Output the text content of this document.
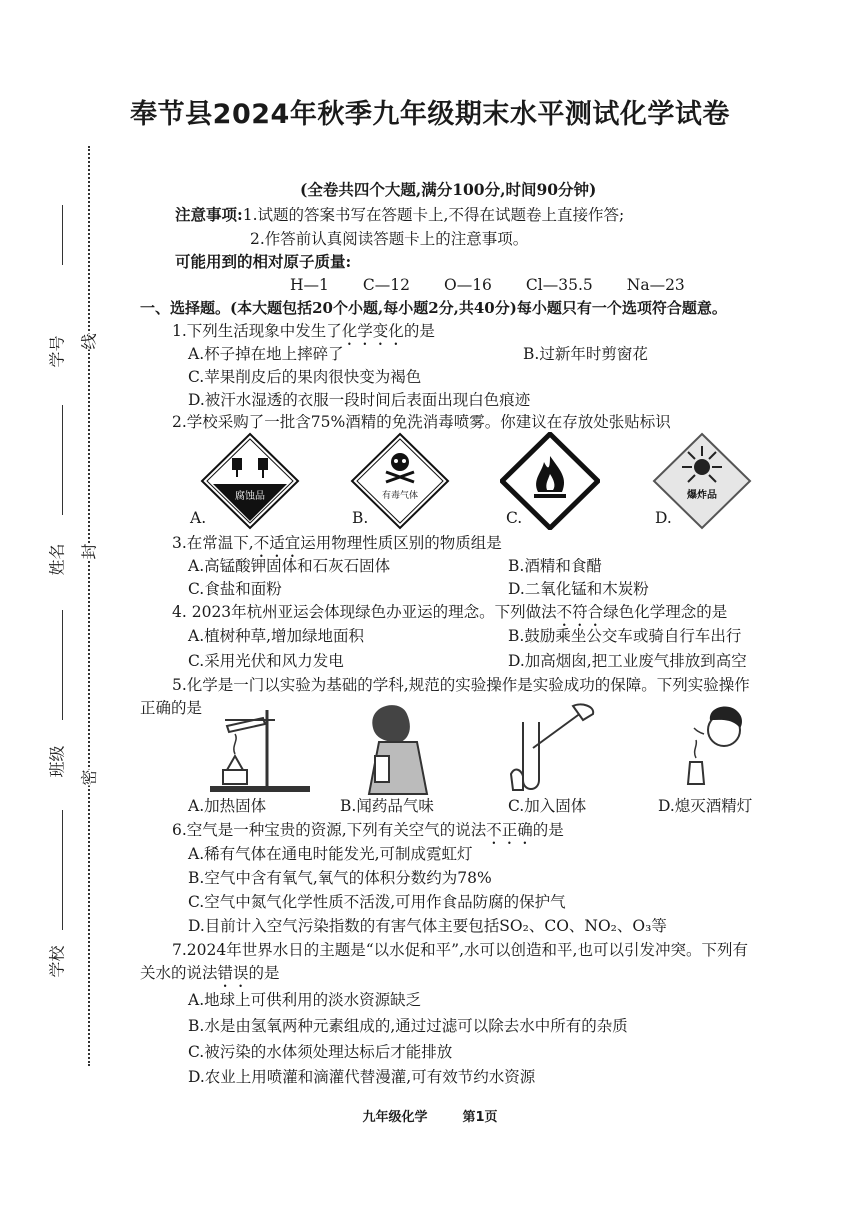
奉节县2024年秋季九年级期末水平测试化学试卷
学号
姓名
班级
学校
线
封
密
(全卷共四个大题,满分100分,时间90分钟)
注意事项:1.试题的答案书写在答题卡上,不得在试题卷上直接作答;
2.作答前认真阅读答题卡上的注意事项。
可能用到的相对原子质量:
H—1 C—12 O—16 Cl—35.5 Na—23
一、选择题。(本大题包括20个小题,每小题2分,共40分)每小题只有一个选项符合题意。
1.下列生活现象中发生了化学变化的是
A.杯子掉在地上摔碎了	B.过新年时剪窗花
C.苹果削皮后的果肉很快变为褐色
D.被汗水湿透的衣服一段时间后表面出现白色痕迹
2.学校采购了一批含75%酒精的免洗消毒喷雾。你建议在存放处张贴标识
腐蚀品
A.
有毒气体
B.	C.
爆炸品
D.
3.在常温下,不适宜运用物理性质区别的物质组是
A.高锰酸钾固体和石灰石固体	B.酒精和食醋
C.食盐和面粉	D.二氧化锰和木炭粉
4. 2023年杭州亚运会体现绿色办亚运的理念。下列做法不符合绿色化学理念的是
A.植树种草,增加绿地面积	B.鼓励乘坐公交车或骑自行车出行
C.采用光伏和风力发电	D.加高烟囱,把工业废气排放到高空
5.化学是一门以实验为基础的学科,规范的实验操作是实验成功的保障。下列实验操作
正确的是
A.加热固体	B.闻药品气味	C.加入固体	D.熄灭酒精灯
6.空气是一种宝贵的资源,下列有关空气的说法不正确的是
A.稀有气体在通电时能发光,可制成霓虹灯
B.空气中含有氧气,氧气的体积分数约为78%
C.空气中氮气化学性质不活泼,可用作食品防腐的保护气
D.目前计入空气污染指数的有害气体主要包括SO₂、CO、NO₂、O₃等
7.2024年世界水日的主题是“以水促和平”,水可以创造和平,也可以引发冲突。下列有
关水的说法错误的是
A.地球上可供利用的淡水资源缺乏
B.水是由氢氧两种元素组成的,通过过滤可以除去水中所有的杂质
C.被污染的水体须处理达标后才能排放
D.农业上用喷灌和滴灌代替漫灌,可有效节约水资源
九年级化学	第1页
